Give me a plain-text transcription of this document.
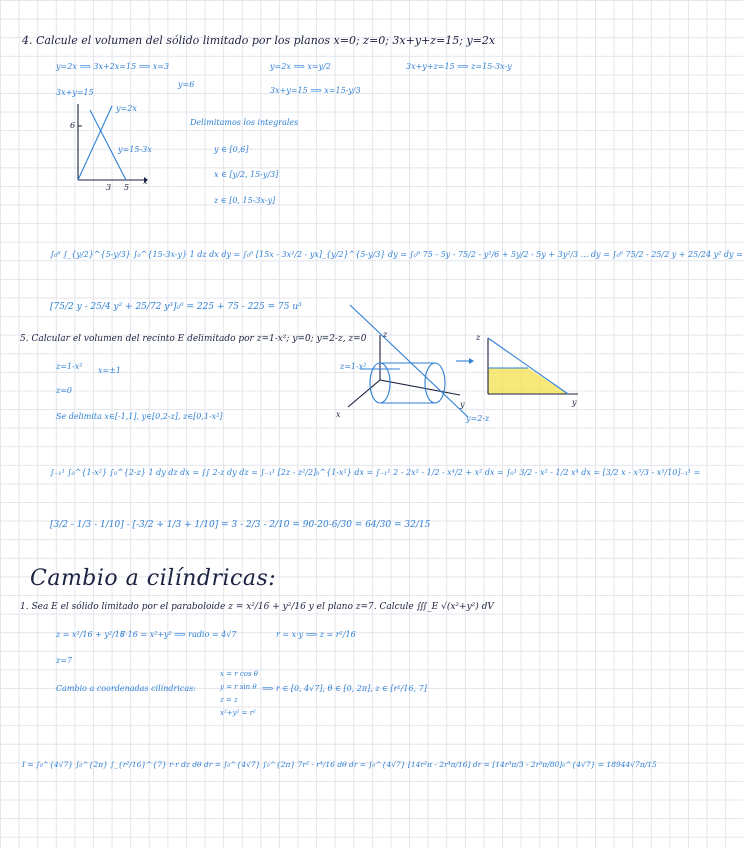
4. Calcule el volumen del sólido limitado por los planos x=0; z=0; 3x+y+z=15; y=2x
y=2x ⟹ 3x+2x=15 ⟹ x=3	y=2x ⟹ x=y/2	3x+y+z=15 ⟹ z=15-3x-y
3x+y=15
y=6
3x+y=15 ⟹ x=15-y/3
y=2x
y=15-3x
6
3 5
x
Delimitamos los integrales
y ∈ [0,6]
x ∈ [y/2, 15-y/3]
z ∈ [0, 15-3x-y]
∫₀⁶ ∫_{y/2}^{5-y/3} ∫₀^{15-3x-y} 1 dz dx dy = ∫₀⁶ [15x - 3x²/2 - yx]_{y/2}^{5-y/3} dy = ∫₀⁶ 75 - 5y - 75/2 - y²/6 + 5y/2 - 5y + 3y²/3 ... dy = ∫₀⁶ 75/2 - 25/2 y + 25/24 y² dy =
[75/2 y - 25/4 y² + 25/72 y³]₀⁶ = 225 + 75 - 225 = 75 u³
5. Calcular el volumen del recinto E delimitado por z=1-x²; y=0; y=2-z, z=0
z=1-x²
z=0
x=±1
Se delimita x∈[-1,1], y∈[0,2-z], z∈[0,1-x²]
z
z=1-x²
x
y
y=2-z
z
y
∫₋₁¹ ∫₀^{1-x²} ∫₀^{2-z} 1 dy dz dx = ∫∫ 2-z dy dz = ∫₋₁¹ [2z - z²/2]₀^{1-x²} dx = ∫₋₁¹ 2 - 2x² - 1/2 - x⁴/2 + x² dx = ∫₀¹ 3/2 - x² - 1/2 x⁴ dx = [3/2 x - x³/3 - x⁵/10]₋₁¹ =
[3/2 - 1/3 - 1/10] - [-3/2 + 1/3 + 1/10] = 3 - 2/3 - 2/10 = 90-20-6/30 = 64/30 = 32/15
Cambio a cilíndricas:
1. Sea E el sólido limitado por el paraboloide z = x²/16 + y²/16 y el plano z=7. Calcule ∭_E √(x²+y²) dV
z = x²/16 + y²/16
z=7
7·16 = x²+y² ⟹ radio = 4√7	r = x·y ⟹ z = r²/16
Cambio a coordenadas cilíndricas:
x = r cos θ
y = r sin θ
z = z
x²+y² = r²
⟹ r ∈ [0, 4√7], θ ∈ [0, 2π], z ∈ [r²/16, 7]
I = ∫₀^{4√7} ∫₀^{2π} ∫_{r²/16}^{7} r·r dz dθ dr = ∫₀^{4√7} ∫₀^{2π} 7r² - r⁴/16 dθ dr = ∫₀^{4√7} [14r²π - 2r⁴π/16] dr = [14r³π/3 - 2r⁵π/80]₀^{4√7} = 18944√7π/15
